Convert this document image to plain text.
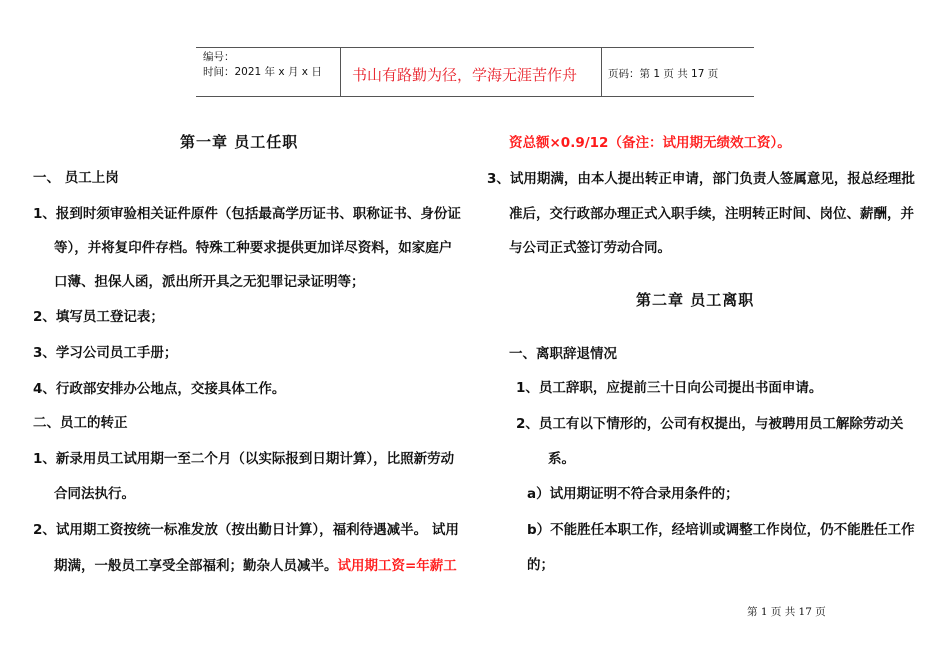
编号：
时间：2021 年 x 月 x 日 书山有路勤为径，学海无涯苦作舟	页码：第 1 页 共 17 页
第一章 员工任职
一、 员工上岗
1、报到时须审验相关证件原件（包括最高学历证书、职称证书、身份证
等），并将复印件存档。特殊工种要求提供更加详尽资料，如家庭户
口薄、担保人函，派出所开具之无犯罪记录证明等；
2、填写员工登记表；
3、学习公司员工手册；
4、行政部安排办公地点，交接具体工作。
二、员工的转正
1、新录用员工试用期一至二个月（以实际报到日期计算），比照新劳动
合同法执行。
2、试用期工资按统一标准发放（按出勤日计算），福利待遇减半。 试用
期满，一般员工享受全部福利；勤杂人员减半。试用期工资=年薪工
资总额×0.9/12（备注：试用期无绩效工资）。
3、试用期满，由本人提出转正申请，部门负责人签属意见，报总经理批
准后，交行政部办理正式入职手续，注明转正时间、岗位、薪酬，并
与公司正式签订劳动合同。
第二章 员工离职
一、离职辞退情况
1、员工辞职，应提前三十日向公司提出书面申请。
2、员工有以下情形的，公司有权提出，与被聘用员工解除劳动关
系。
a）试用期证明不符合录用条件的；
b）不能胜任本职工作，经培训或调整工作岗位，仍不能胜任工作
的；
第 1 页 共 17 页
